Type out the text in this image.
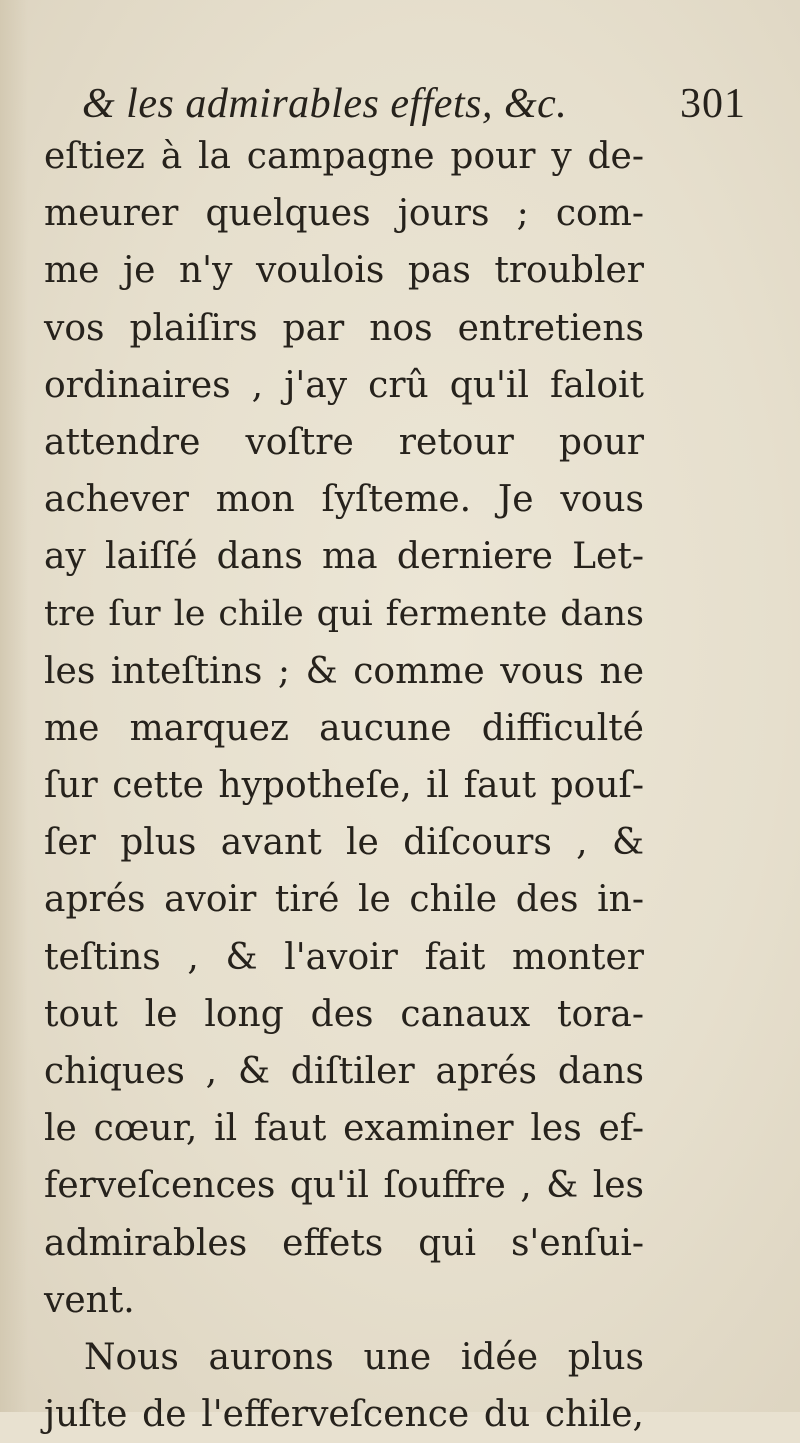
& les admirables effets, &c.	301
eſtiez à la campagne pour y de-
meurer quelques jours ; com-
me je n'y voulois pas troubler
vos plaiſirs par nos entretiens
ordinaires , j'ay crû qu'il faloit
attendre voſtre retour pour
achever mon ſyſteme. Je vous
ay laiſſé dans ma derniere Let-
tre ſur le chile qui fermente dans
les inteſtins ; & comme vous ne
me marquez aucune difficulté
ſur cette hypotheſe, il faut pouſ-
ſer plus avant le diſcours , &
aprés avoir tiré le chile des in-
teſtins , & l'avoir fait monter
tout le long des canaux tora-
chiques , & diſtiler aprés dans
le cœur, il faut examiner les ef-
ferveſcences qu'il ſouffre , & les
admirables effets qui s'enſui-
vent.
Nous aurons une idée plus
juſte de l'efferveſcence du chile,
